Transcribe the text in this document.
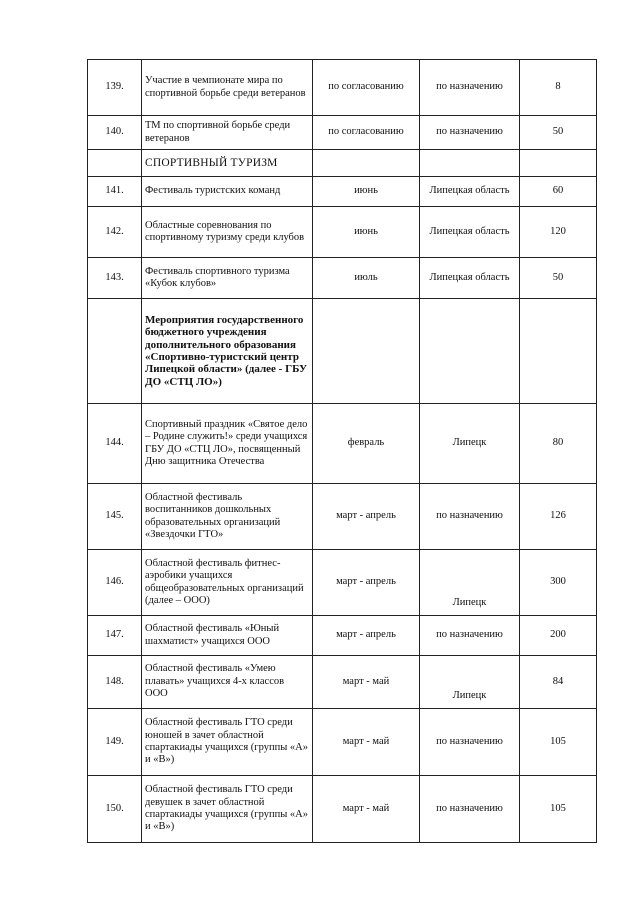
139.	Участие в чемпионате мира по спортивной борьбе среди ветеранов	по согласованию	по назначению	8
140.	ТМ по спортивной борьбе среди ветеранов	по согласованию	по назначению	50
	СПОРТИВНЫЙ ТУРИЗМ			
141.	Фестиваль туристских команд	июнь	Липецкая область	60
142.	Областные соревнования по спортивному туризму среди клубов	июнь	Липецкая область	120
143.	Фестиваль спортивного туризма «Кубок клубов»	июль	Липецкая область	50
	Мероприятия государственного бюджетного учреждения дополнительного образования «Спортивно-туристский центр Липецкой области» (далее - ГБУ ДО «СТЦ ЛО»)			
144.	Спортивный праздник «Святое дело – Родине служить!» среди учащихся ГБУ ДО «СТЦ ЛО», посвященный Дню защитника Отечества	февраль	Липецк	80
145.	Областной фестиваль воспитанников дошкольных образовательных организаций «Звездочки ГТО»	март - апрель	по назначению	126
146.	Областной фестиваль фитнес-аэробики учащихся общеобразовательных организаций (далее – ООО)	март - апрель	Липецк	300
147.	Областной фестиваль «Юный шахматист» учащихся ООО	март - апрель	по назначению	200
148.	Областной фестиваль «Умею плавать» учащихся 4-х классов ООО	март - май	Липецк	84
149.	Областной фестиваль ГТО среди юношей в зачет областной спартакиады учащихся (группы «А» и «В»)	март - май	по назначению	105
150.	Областной фестиваль ГТО среди девушек в зачет областной спартакиады учащихся (группы «А» и «В»)	март - май	по назначению	105
